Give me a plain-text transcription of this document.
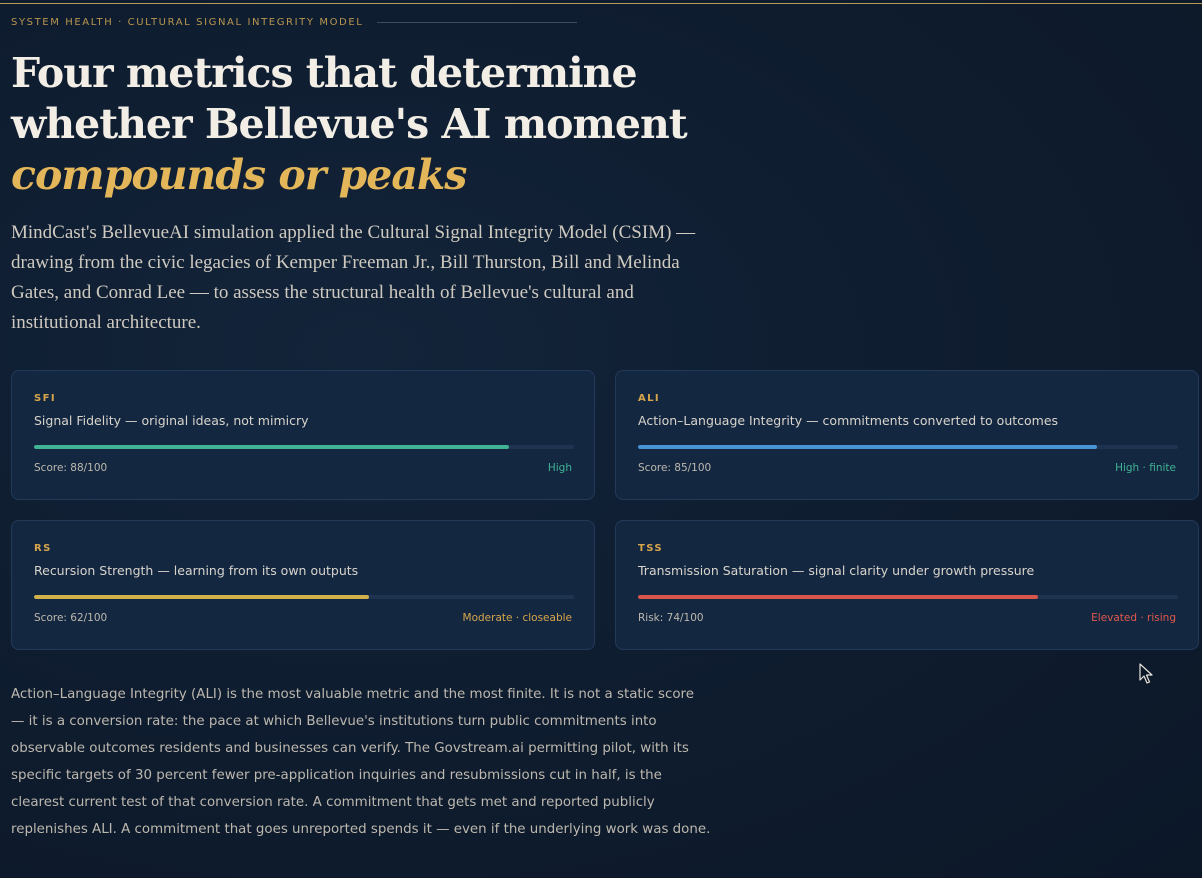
SYSTEM HEALTH · CULTURAL SIGNAL INTEGRITY MODEL
Four metrics that determine
whether Bellevue's AI moment
compounds or peaks

MindCast's BellevueAI simulation applied the Cultural Signal Integrity Model (CSIM) — drawing from the civic legacies of Kemper Freeman Jr., Bill Thurston, Bill and Melinda Gates, and Conrad Lee — to assess the structural health of Bellevue's cultural and institutional architecture.

SFI
Signal Fidelity — original ideas, not mimicry
Score: 88/100	High
ALI
Action–Language Integrity — commitments converted to outcomes
Score: 85/100	High · finite
RS
Recursion Strength — learning from its own outputs
Score: 62/100	Moderate · closeable
TSS
Transmission Saturation — signal clarity under growth pressure
Risk: 74/100	Elevated · rising

Action–Language Integrity (ALI) is the most valuable metric and the most finite. It is not a static score — it is a conversion rate: the pace at which Bellevue's institutions turn public commitments into observable outcomes residents and businesses can verify. The Govstream.ai permitting pilot, with its specific targets of 30 percent fewer pre-application inquiries and resubmissions cut in half, is the clearest current test of that conversion rate. A commitment that gets met and reported publicly replenishes ALI. A commitment that goes unreported spends it — even if the underlying work was done.
